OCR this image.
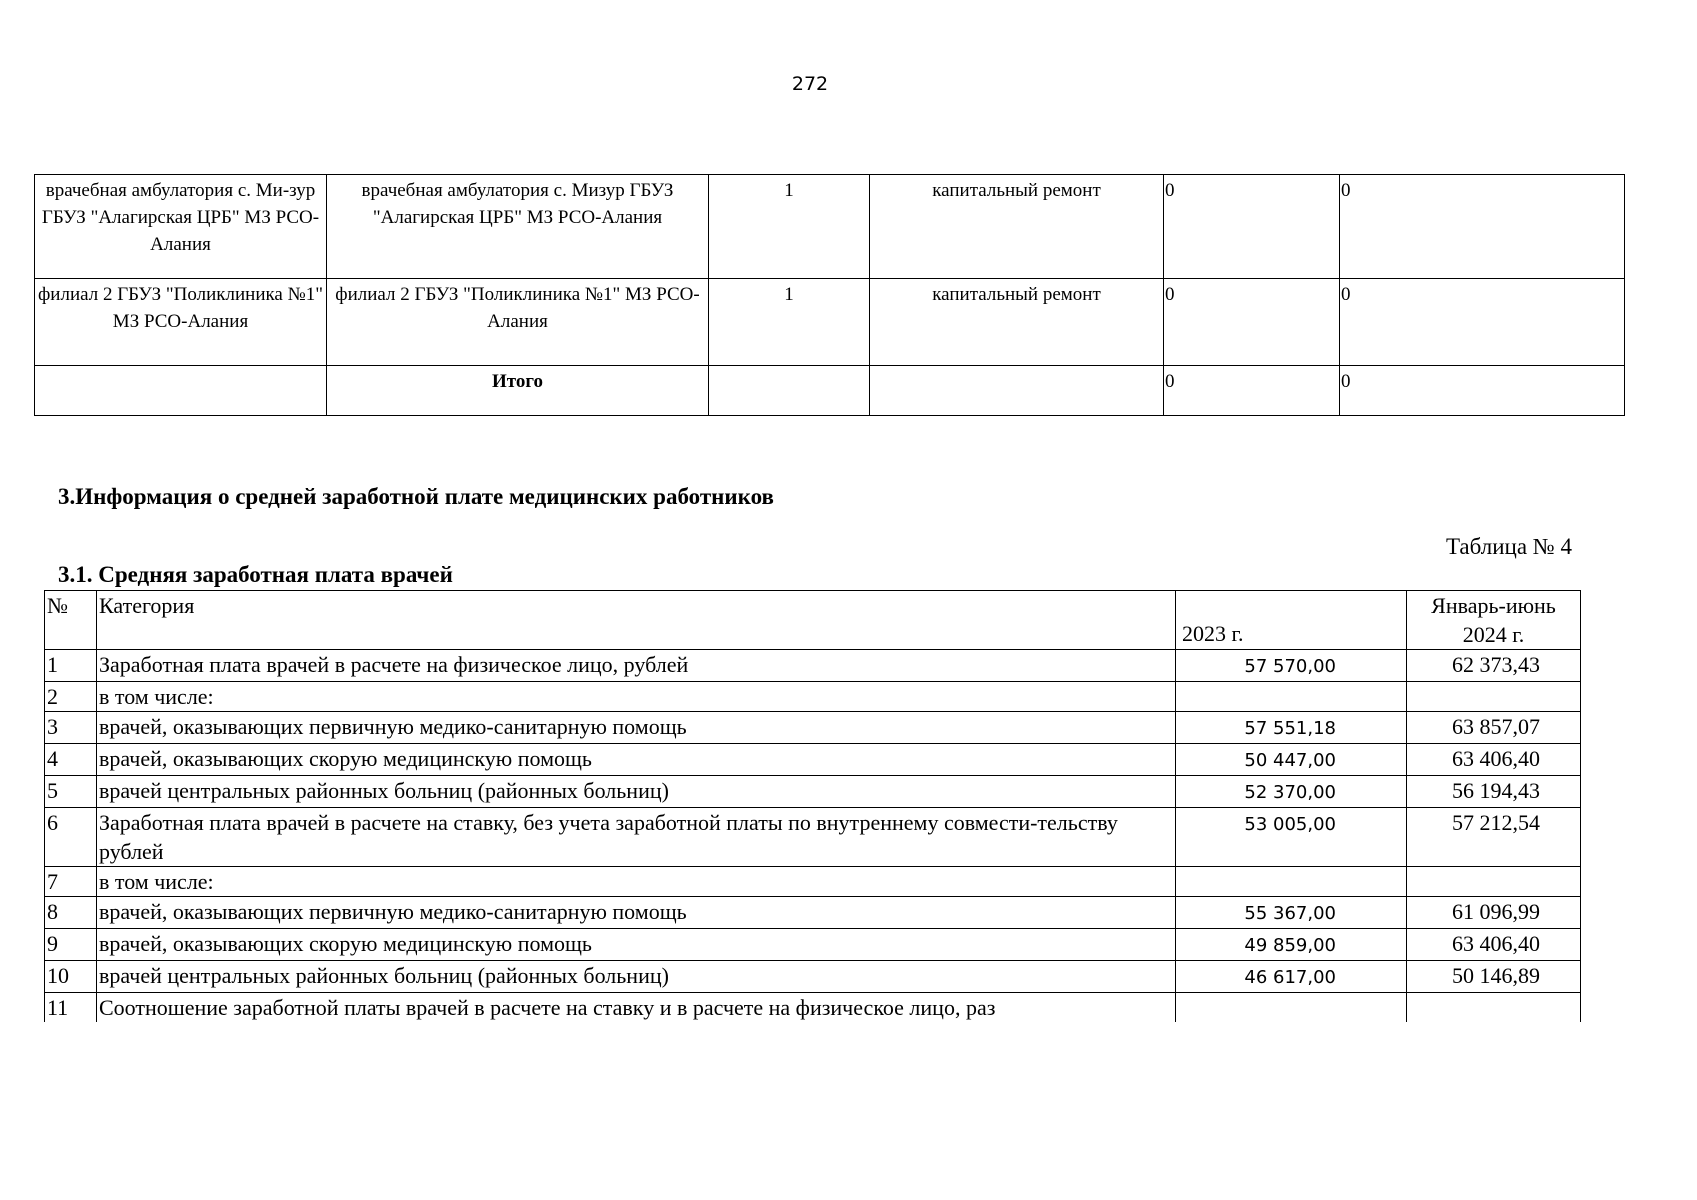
272
врачебная амбулатория с. Ми-зур ГБУЗ "Алагирская ЦРБ" МЗ РСО-Алания	врачебная амбулатория с. Мизур ГБУЗ "Алагирская ЦРБ" МЗ РСО-Алания	1	капитальный ремонт	0	0
филиал 2 ГБУЗ "Поликлиника №1" МЗ РСО-Алания	филиал 2 ГБУЗ "Поликлиника №1" МЗ РСО-Алания	1	капитальный ремонт	0	0
	Итого			0	0
3.Информация о средней заработной плате медицинских работников
Таблица № 4
3.1. Средняя заработная плата врачей
№	Категория	2023 г.	Январь-июнь 2024 г.

1	Заработная плата врачей в расчете на физическое лицо, рублей	57 570,00	62 373,43
2	в том числе:		
3	врачей, оказывающих первичную медико-санитарную помощь	57 551,18	63 857,07
4	врачей, оказывающих скорую медицинскую помощь	50 447,00	63 406,40
5	врачей центральных районных больниц (районных больниц)	52 370,00	56 194,43
6	Заработная плата врачей в расчете на ставку, без учета заработной платы по внутреннему совмести-тельству рублей	53 005,00	57 212,54
7	в том числе:		
8	врачей, оказывающих первичную медико-санитарную помощь	55 367,00	61 096,99
9	врачей, оказывающих скорую медицинскую помощь	49 859,00	63 406,40
10	врачей центральных районных больниц (районных больниц)	46 617,00	50 146,89
11	Соотношение заработной платы врачей в расчете на ставку и в расчете на физическое лицо, раз		
